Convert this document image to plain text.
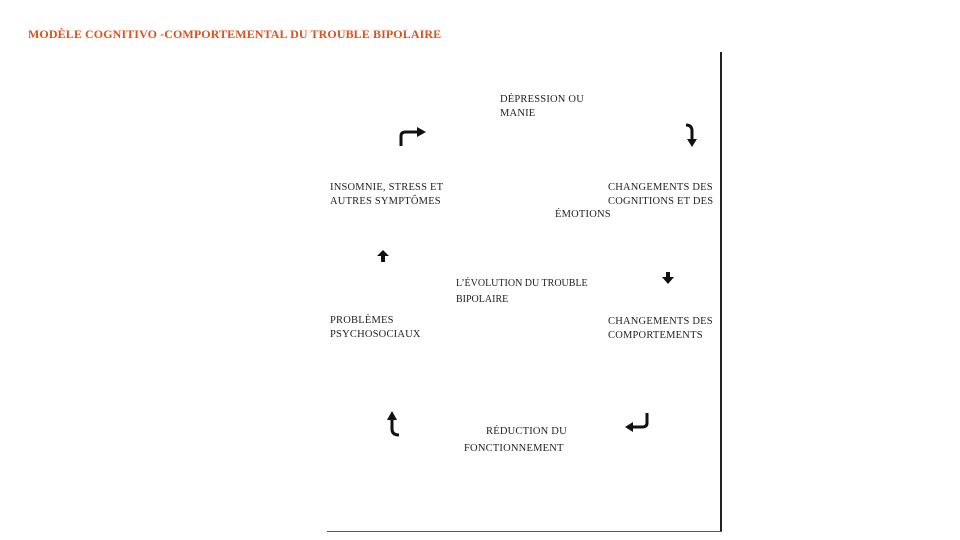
MODÈLE COGNITIVO -COMPORTEMENTAL DU TROUBLE BIPOLAIRE
DÉPRESSION OU
MANIE
CHANGEMENTS DES
COGNITIONS ET DES
ÉMOTIONS
CHANGEMENTS DES
COMPORTEMENTS
RÉDUCTION DU
FONCTIONNEMENT
PROBLÈMES
PSYCHOSOCIAUX
INSOMNIE, STRESS ET
AUTRES SYMPTÔMES
L’ÉVOLUTION DU TROUBLE BIPOLAIRE
